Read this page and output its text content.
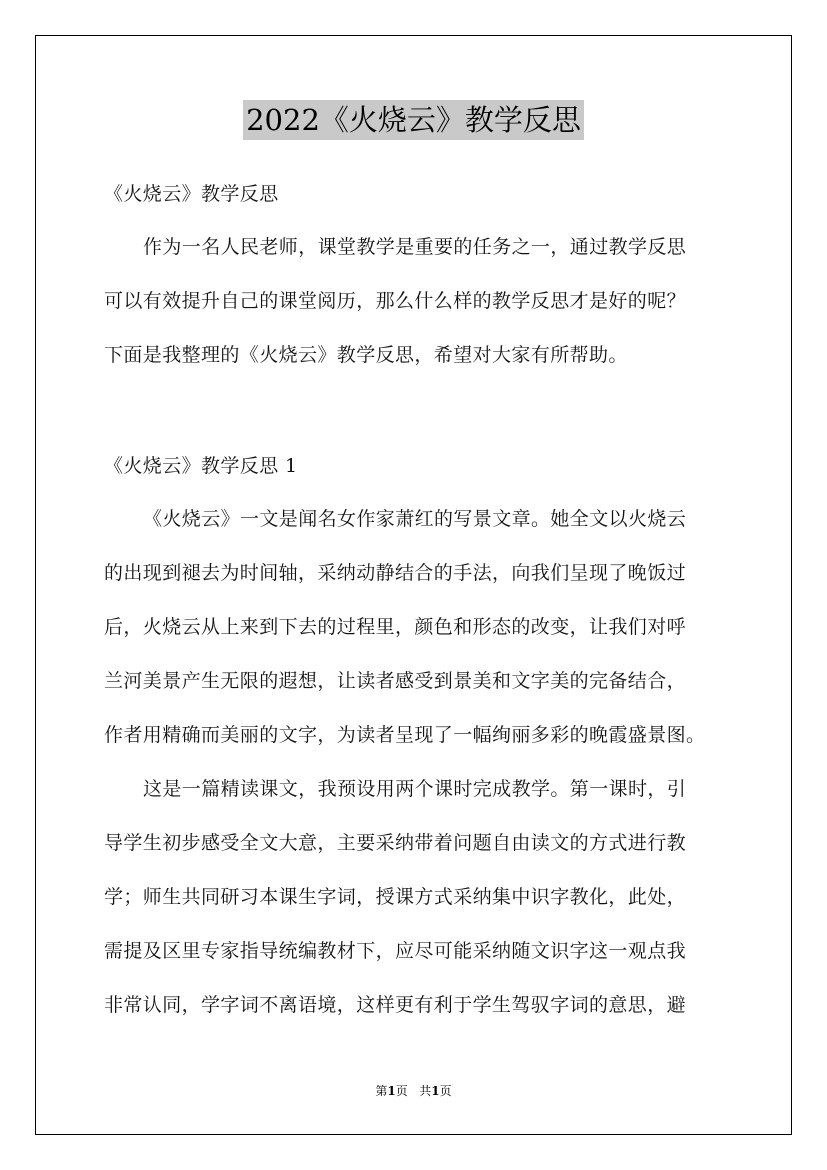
2022《火烧云》教学反思
《火烧云》教学反思
作为一名人民老师，课堂教学是重要的任务之一，通过教学反思
可以有效提升自己的课堂阅历，那么什么样的教学反思才是好的呢？
下面是我整理的《火烧云》教学反思，希望对大家有所帮助。
《火烧云》教学反思 1
《火烧云》一文是闻名女作家萧红的写景文章。她全文以火烧云
的出现到褪去为时间轴，采纳动静结合的手法，向我们呈现了晚饭过
后，火烧云从上来到下去的过程里，颜色和形态的改变，让我们对呼
兰河美景产生无限的遐想，让读者感受到景美和文字美的完备结合，
作者用精确而美丽的文字，为读者呈现了一幅绚丽多彩的晚霞盛景图。
这是一篇精读课文，我预设用两个课时完成教学。第一课时，引
导学生初步感受全文大意，主要采纳带着问题自由读文的方式进行教
学；师生共同研习本课生字词，授课方式采纳集中识字教化，此处，
需提及区里专家指导统编教材下，应尽可能采纳随文识字这一观点我
非常认同，学字词不离语境，这样更有利于学生驾驭字词的意思，避
第1页 共1页
